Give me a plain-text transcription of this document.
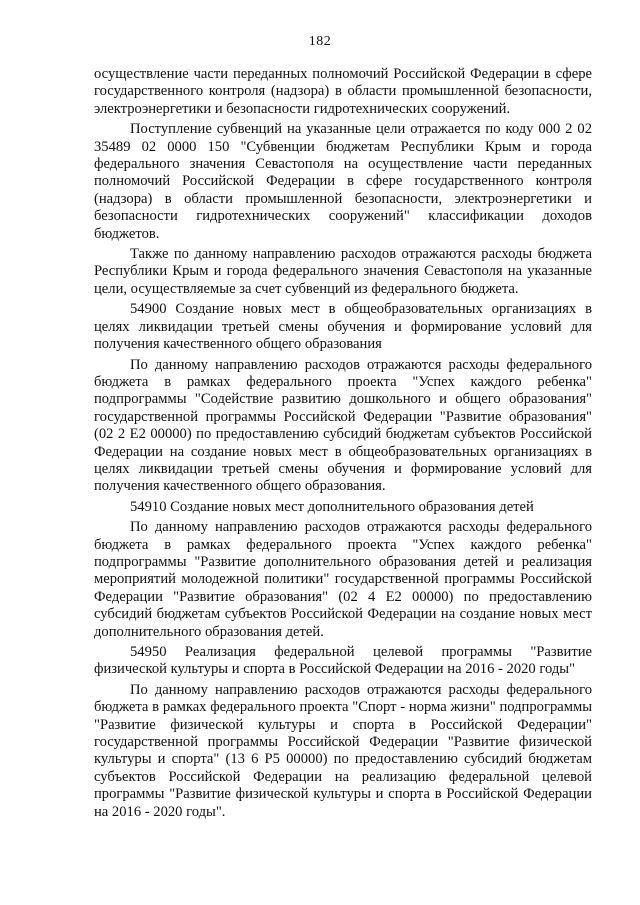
182

осуществление части переданных полномочий Российской Федерации в сфере государственного контроля (надзора) в области промышленной безопасности, электроэнергетики и безопасности гидротехнических сооружений.

Поступление субвенций на указанные цели отражается по коду 000 2 02 35489 02 0000 150 "Субвенции бюджетам Республики Крым и города федерального значения Севастополя на осуществление части переданных полномочий Российской Федерации в сфере государственного контроля (надзора) в области промышленной безопасности, электроэнергетики и безопасности гидротехнических сооружений" классификации доходов бюджетов.

Также по данному направлению расходов отражаются расходы бюджета Республики Крым и города федерального значения Севастополя на указанные цели, осуществляемые за счет субвенций из федерального бюджета.

54900 Создание новых мест в общеобразовательных организациях в целях ликвидации третьей смены обучения и формирование условий для получения качественного общего образования

По данному направлению расходов отражаются расходы федерального бюджета в рамках федерального проекта "Успех каждого ребенка" подпрограммы "Содействие развитию дошкольного и общего образования" государственной программы Российской Федерации "Развитие образования" (02 2 Е2 00000) по предоставлению субсидий бюджетам субъектов Российской Федерации на создание новых мест в общеобразовательных организациях в целях ликвидации третьей смены обучения и формирование условий для получения качественного общего образования.

54910 Создание новых мест дополнительного образования детей

По данному направлению расходов отражаются расходы федерального бюджета в рамках федерального проекта "Успех каждого ребенка" подпрограммы "Развитие дополнительного образования детей и реализация мероприятий молодежной политики" государственной программы Российской Федерации "Развитие образования" (02 4 Е2 00000) по предоставлению субсидий бюджетам субъектов Российской Федерации на создание новых мест дополнительного образования детей.

54950 Реализация федеральной целевой программы "Развитие физической культуры и спорта в Российской Федерации на 2016 - 2020 годы"

По данному направлению расходов отражаются расходы федерального бюджета в рамках федерального проекта "Спорт - норма жизни" подпрограммы "Развитие физической культуры и спорта в Российской Федерации" государственной программы Российской Федерации "Развитие физической культуры и спорта" (13 6 Р5 00000) по предоставлению субсидий бюджетам субъектов Российской Федерации на реализацию федеральной целевой программы "Развитие физической культуры и спорта в Российской Федерации на 2016 - 2020 годы".
